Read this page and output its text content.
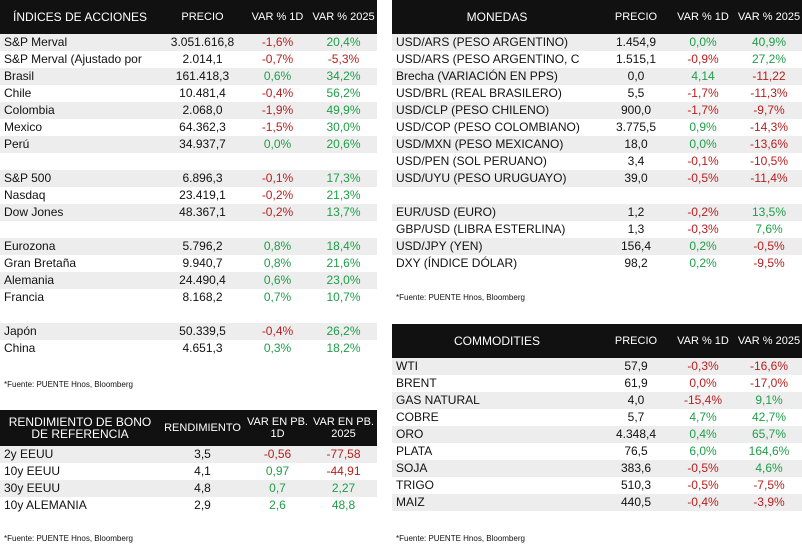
ÍNDICES DE ACCIONES	PRECIO	VAR % 1D	VAR % 2025
S&P Merval	3.051.616,8	-1,6%	20,4%
S&P Merval (Ajustado por	2.014,1	-0,7%	-5,3%
Brasil	161.418,3	0,6%	34,2%
Chile	10.481,4	-0,4%	56,2%
Colombia	2.068,0	-1,9%	49,9%
Mexico	64.362,3	-1,5%	30,0%
Perú	34.937,7	0,0%	20,6%

S&P 500	6.896,3	-0,1%	17,3%
Nasdaq	23.419,1	-0,2%	21,3%
Dow Jones	48.367,1	-0,2%	13,7%

Eurozona	5.796,2	0,8%	18,4%
Gran Bretaña	9.940,7	0,8%	21,6%
Alemania	24.490,4	0,6%	23,0%
Francia	8.168,2	0,7%	10,7%

Japón	50.339,5	-0,4%	26,2%
China	4.651,3	0,3%	18,2%
*Fuente: PUENTE Hnos, Bloomberg
RENDIMIENTO DE BONO DE REFERENCIA	RENDIMIENTO	VAR EN PB. 1D	VAR EN PB. 2025
2y EEUU	3,5	-0,56	-77,58
10y EEUU	4,1	0,97	-44,91
30y EEUU	4,8	0,7	2,27
10y ALEMANIA	2,9	2,6	48,8
*Fuente: PUENTE Hnos, Bloomberg
MONEDAS	PRECIO	VAR % 1D	VAR % 2025
USD/ARS (PESO ARGENTINO)	1.454,9	0,0%	40,9%
USD/ARS (PESO ARGENTINO, C	1.515,1	-0,9%	27,2%
Brecha (VARIACIÓN EN PPS)	0,0	4,14	-11,22
USD/BRL (REAL BRASILERO)	5,5	-1,7%	-11,3%
USD/CLP (PESO CHILENO)	900,0	-1,7%	-9,7%
USD/COP (PESO COLOMBIANO)	3.775,5	0,9%	-14,3%
USD/MXN (PESO MEXICANO)	18,0	0,0%	-13,6%
USD/PEN (SOL PERUANO)	3,4	-0,1%	-10,5%
USD/UYU (PESO URUGUAYO)	39,0	-0,5%	-11,4%

EUR/USD (EURO)	1,2	-0,2%	13,5%
GBP/USD (LIBRA ESTERLINA)	1,3	-0,3%	7,6%
USD/JPY (YEN)	156,4	0,2%	-0,5%
DXY (ÍNDICE DÓLAR)	98,2	0,2%	-9,5%
*Fuente: PUENTE Hnos, Bloomberg
COMMODITIES	PRECIO	VAR % 1D	VAR % 2025
WTI	57,9	-0,3%	-16,6%
BRENT	61,9	0,0%	-17,0%
GAS NATURAL	4,0	-15,4%	9,1%
COBRE	5,7	4,7%	42,7%
ORO	4.348,4	0,4%	65,7%
PLATA	76,5	6,0%	164,6%
SOJA	383,6	-0,5%	4,6%
TRIGO	510,3	-0,5%	-7,5%
MAIZ	440,5	-0,4%	-3,9%
*Fuente: PUENTE Hnos, Bloomberg
